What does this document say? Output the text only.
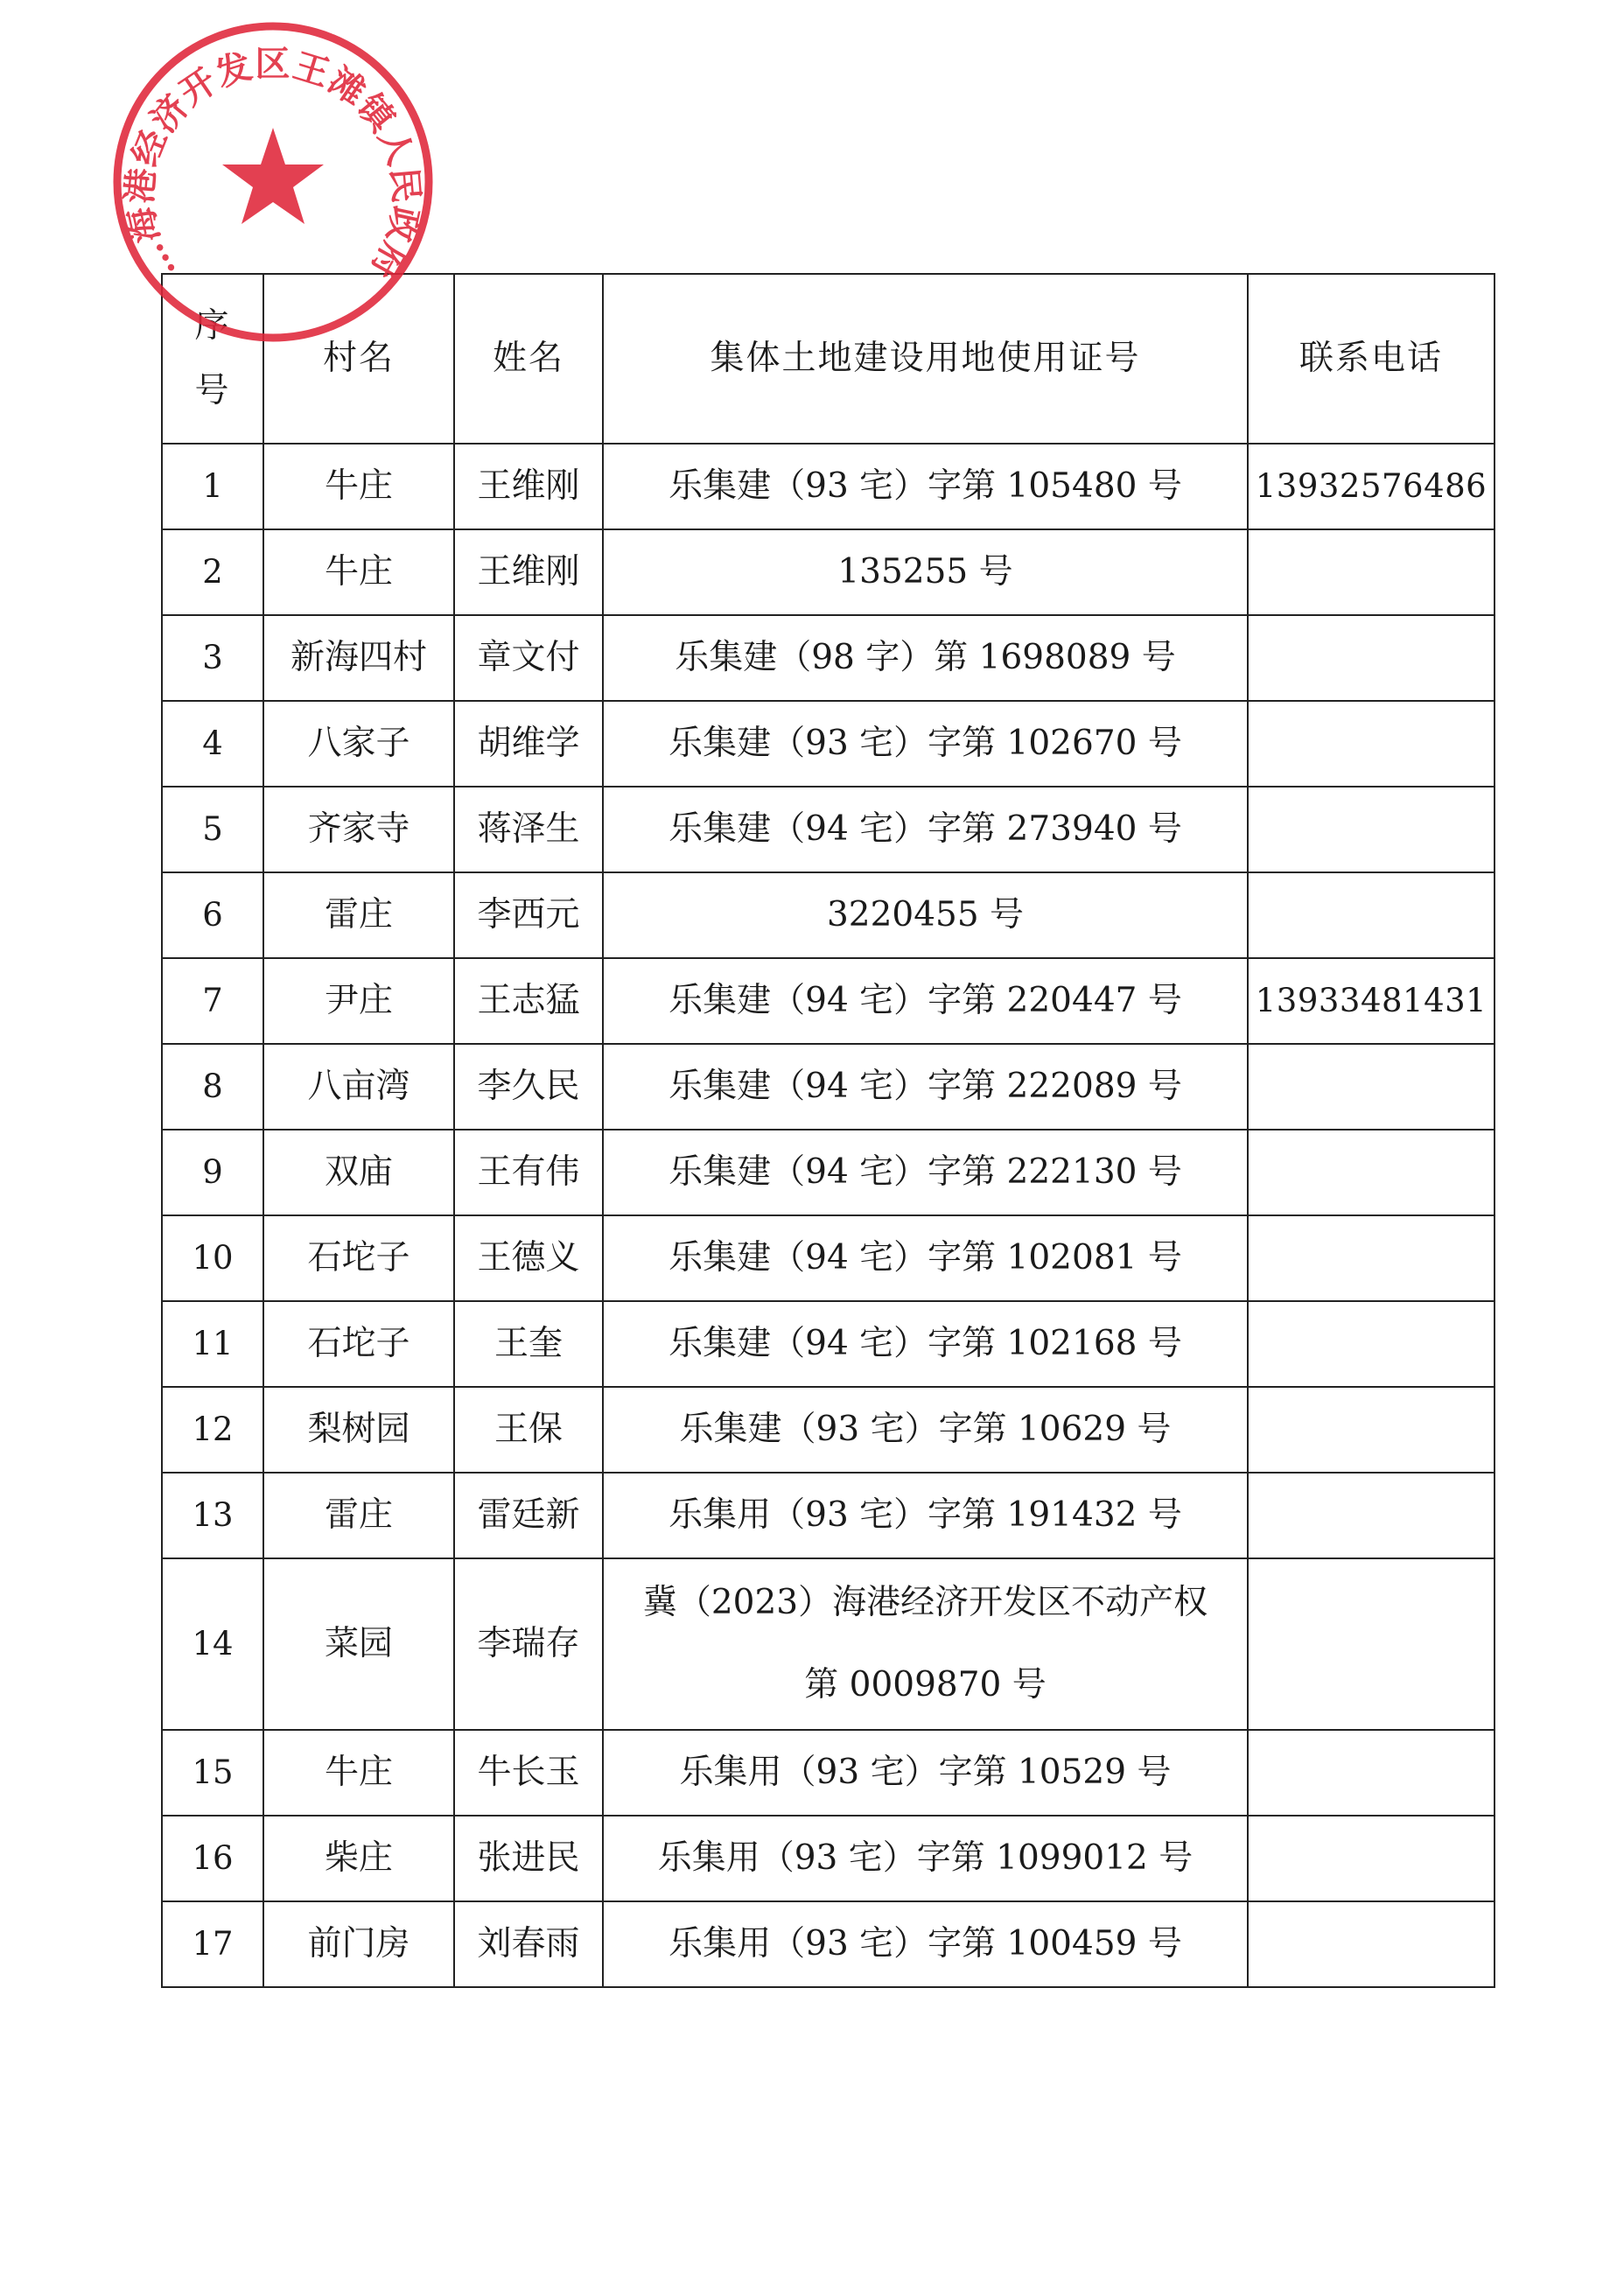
序
号	村名	姓名	集体土地建设用地使用证号	联系电话
1	牛庄	王维刚	乐集建（93 宅）字第 105480 号	13932576486
2	牛庄	王维刚	135255 号	
3	新海四村	章文付	乐集建（98 字）第 1698089 号	
4	八家子	胡维学	乐集建（93 宅）字第 102670 号	
5	齐家寺	蒋泽生	乐集建（94 宅）字第 273940 号	
6	雷庄	李西元	3220455 号	
7	尹庄	王志猛	乐集建（94 宅）字第 220447 号	13933481431
8	八亩湾	李久民	乐集建（94 宅）字第 222089 号	
9	双庙	王有伟	乐集建（94 宅）字第 222130 号	
10	石坨子	王德义	乐集建（94 宅）字第 102081 号	
11	石坨子	王奎	乐集建（94 宅）字第 102168 号	
12	梨树园	王保	乐集建（93 宅）字第 10629 号	
13	雷庄	雷廷新	乐集用（93 宅）字第 191432 号	
14	菜园	李瑞存	冀（2023）海港经济开发区不动产权
第 0009870 号	

15	牛庄	牛长玉	乐集用（93 宅）字第 10529 号	
16	柴庄	张进民	乐集用（93 宅）字第 1099012 号	
17	前门房	刘春雨	乐集用（93 宅）字第 100459 号	
…海港经济开发区王滩镇人民政府
